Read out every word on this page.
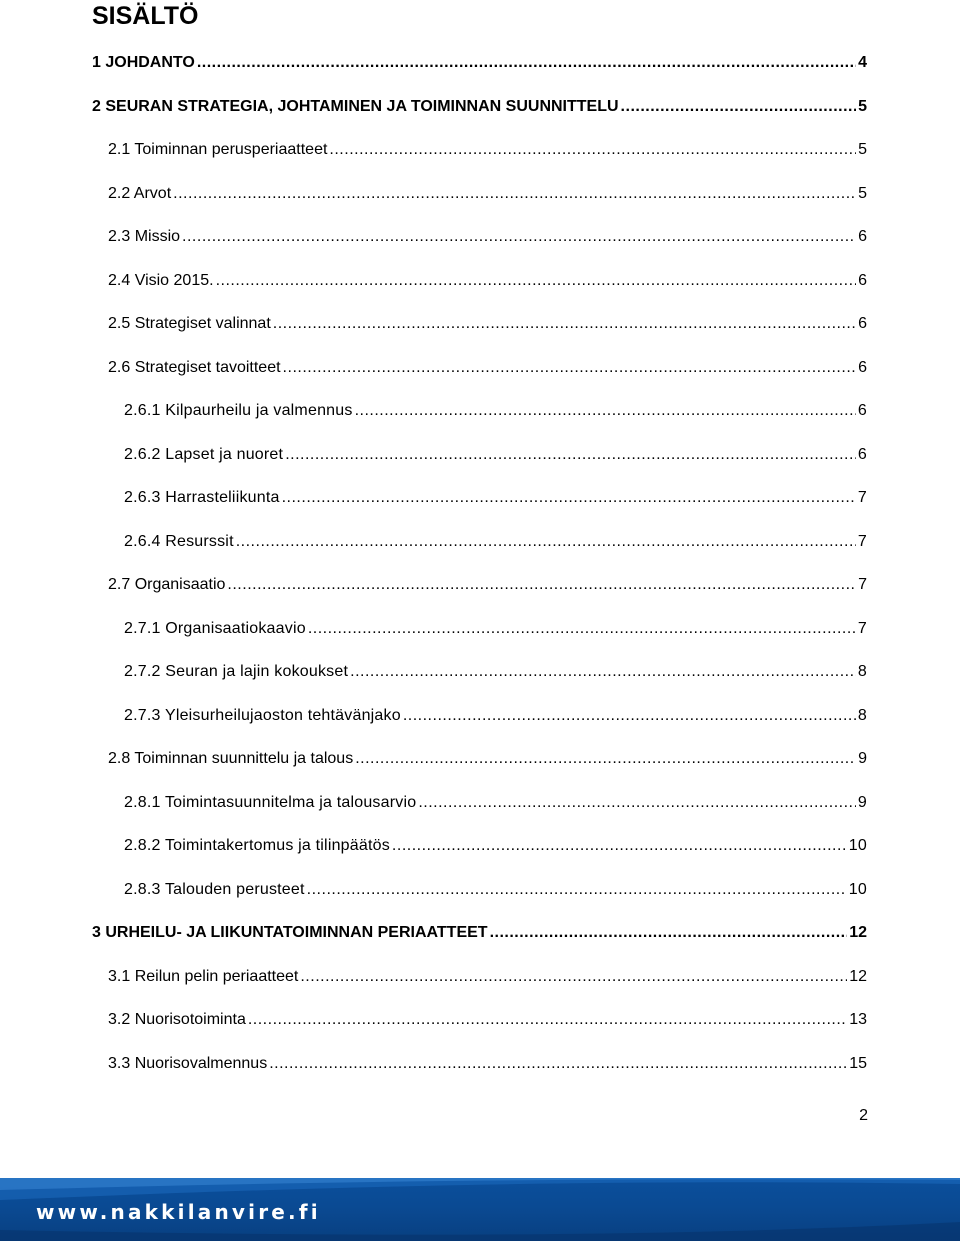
SISÄLTÖ
1 JOHDANTO .....	4
2 SEURAN STRATEGIA, JOHTAMINEN JA TOIMINNAN SUUNNITTELU .....	5
2.1 Toiminnan perusperiaatteet .....	5
2.2 Arvot .....	5
2.3 Missio .....	6
2.4 Visio 2015. .....	6
2.5 Strategiset valinnat .....	6
2.6 Strategiset tavoitteet .....	6
2.6.1 Kilpaurheilu ja valmennus .....	6
2.6.2 Lapset ja nuoret .....	6
2.6.3 Harrasteliikunta .....	7
2.6.4 Resurssit .....	7
2.7 Organisaatio .....	7
2.7.1 Organisaatiokaavio .....	7
2.7.2 Seuran ja lajin kokoukset .....	8
2.7.3 Yleisurheilujaoston tehtävänjako .....	8
2.8 Toiminnan suunnittelu ja talous .....	9
2.8.1 Toimintasuunnitelma ja talousarvio .....	9
2.8.2 Toimintakertomus ja tilinpäätös .....	10
2.8.3 Talouden perusteet .....	10
3 URHEILU- JA LIIKUNTATOIMINNAN PERIAATTEET .....	12
3.1 Reilun pelin periaatteet .....	12
3.2 Nuorisotoiminta .....	13
3.3 Nuorisovalmennus .....	15
2
www.nakkilanvire.fi
